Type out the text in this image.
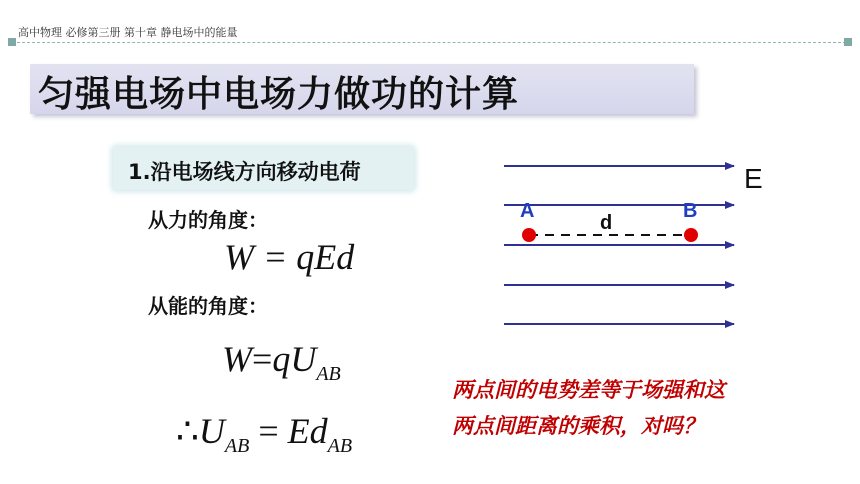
高中物理 必修第三册 第十章 静电场中的能量
匀强电场中电场力做功的计算
1.沿电场线方向移动电荷
从力的角度：
W = qEd
从能的角度：
$W=qU_{AB}$
$\therefore U_{AB} = Ed_{AB}$
E
A	B
d
两点间的电势差等于场强和这
两点间距离的乘积，对吗？
